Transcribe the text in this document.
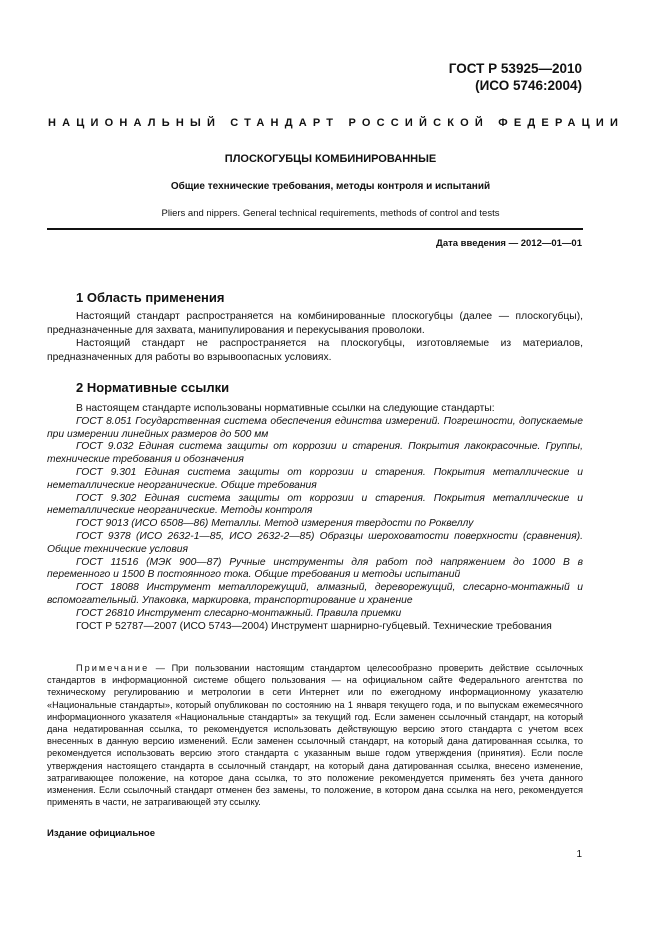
ГОСТ Р 53925—2010
(ИСО 5746:2004)
НАЦИОНАЛЬНЫЙ СТАНДАРТ РОССИЙСКОЙ ФЕДЕРАЦИИ
ПЛОСКОГУБЦЫ КОМБИНИРОВАННЫЕ
Общие технические требования, методы контроля и испытаний
Pliers and nippers. General technical requirements, methods of control and tests
Дата введения — 2012—01—01
1 Область применения

Настоящий стандарт распространяется на комбинированные плоскогубцы (далее — плоскогубцы), предназначенные для захвата, манипулирования и перекусывания проволоки.

Настоящий стандарт не распространяется на плоскогубцы, изготовляемые из материалов, предназначенных для работы во взрывоопасных условиях.

2 Нормативные ссылки

В настоящем стандарте использованы нормативные ссылки на следующие стандарты:

ГОСТ 8.051 Государственная система обеспечения единства измерений. Погрешности, допускаемые при измерении линейных размеров до 500 мм

ГОСТ 9.032 Единая система защиты от коррозии и старения. Покрытия лакокрасочные. Группы, технические требования и обозначения

ГОСТ 9.301 Единая система защиты от коррозии и старения. Покрытия металлические и неметаллические неорганические. Общие требования

ГОСТ 9.302 Единая система защиты от коррозии и старения. Покрытия металлические и неметаллические неорганические. Методы контроля

ГОСТ 9013 (ИСО 6508—86) Металлы. Метод измерения твердости по Роквеллу

ГОСТ 9378 (ИСО 2632-1—85, ИСО 2632-2—85) Образцы шероховатости поверхности (сравнения). Общие технические условия

ГОСТ 11516 (МЭК 900—87) Ручные инструменты для работ под напряжением до 1000 В в переменного и 1500 В постоянного тока. Общие требования и методы испытаний

ГОСТ 18088 Инструмент металлорежущий, алмазный, дереворежущий, слесарно-монтажный и вспомогательный. Упаковка, маркировка, транспортирование и хранение

ГОСТ 26810 Инструмент слесарно-монтажный. Правила приемки

ГОСТ Р 52787—2007 (ИСО 5743—2004) Инструмент шарнирно-губцевый. Технические требования

Примечание — При пользовании настоящим стандартом целесообразно проверить действие ссылочных стандартов в информационной системе общего пользования — на официальном сайте Федерального агентства по техническому регулированию и метрологии в сети Интернет или по ежегодному информационному указателю «Национальные стандарты», который опубликован по состоянию на 1 января текущего года, и по выпускам ежемесячного информационного указателя «Национальные стандарты» за текущий год. Если заменен ссылочный стандарт, на который дана недатированная ссылка, то рекомендуется использовать действующую версию этого стандарта с учетом всех внесенных в данную версию изменений. Если заменен ссылочный стандарт, на который дана датированная ссылка, то рекомендуется использовать версию этого стандарта с указанным выше годом утверждения (принятия). Если после утверждения настоящего стандарта в ссылочный стандарт, на который дана датированная ссылка, внесено изменение, затрагивающее положение, на которое дана ссылка, то это положение рекомендуется применять без учета данного изменения. Если ссылочный стандарт отменен без замены, то положение, в котором дана ссылка на него, рекомендуется применять в части, не затрагивающей эту ссылку.
Издание официальное
1
